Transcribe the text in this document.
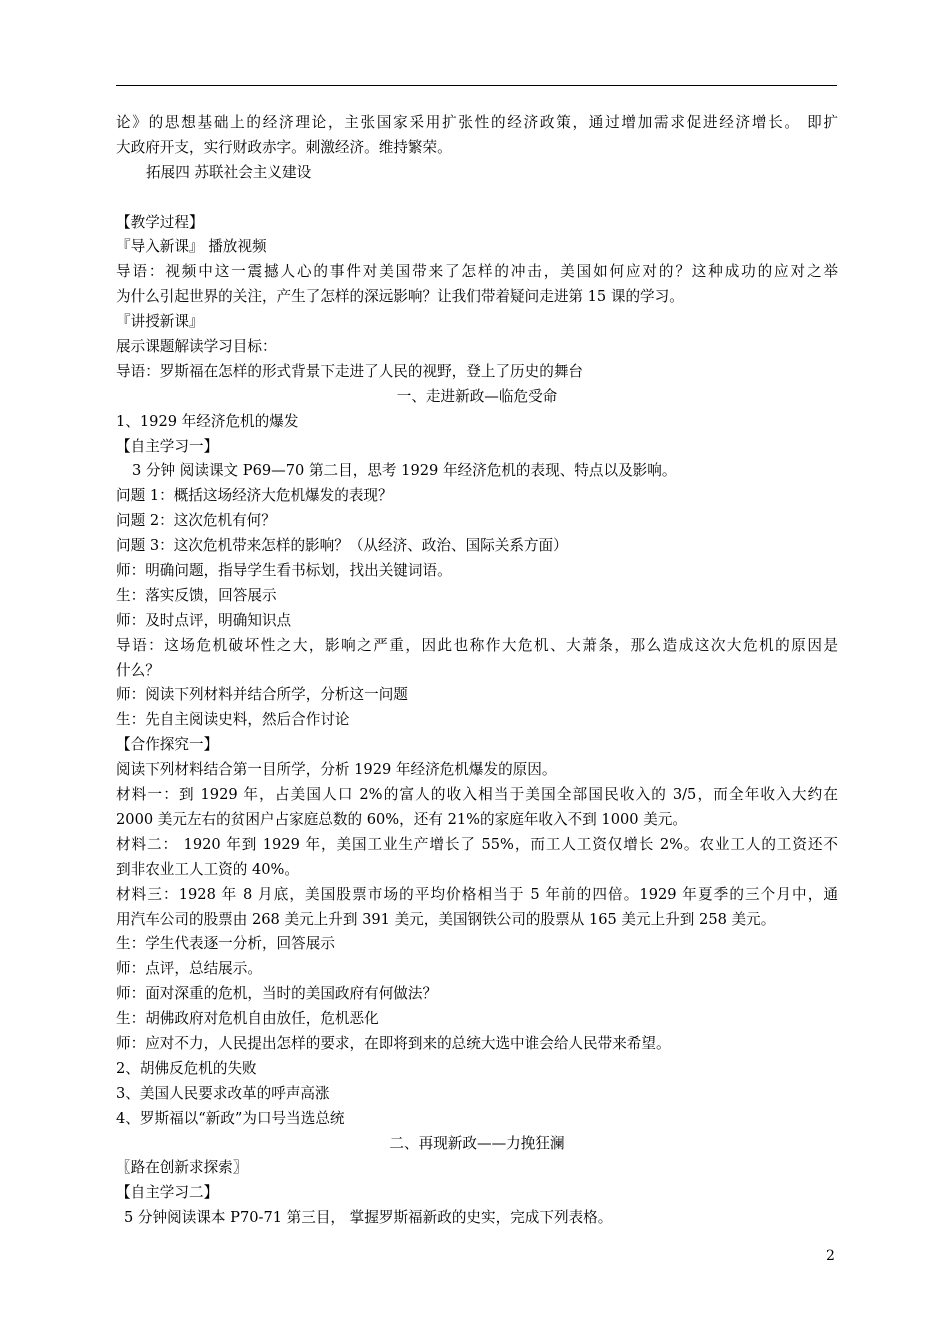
论》的思想基础上的经济理论，主张国家采用扩张性的经济政策，通过增加需求促进经济增长。 即扩
大政府开支，实行财政赤字。刺激经济。维持繁荣。
拓展四 苏联社会主义建设
【教学过程】
『导入新课』 播放视频
导语：视频中这一震撼人心的事件对美国带来了怎样的冲击，美国如何应对的？这种成功的应对之举
为什么引起世界的关注，产生了怎样的深远影响？让我们带着疑问走进第 15 课的学习。
『讲授新课』
展示课题解读学习目标：
导语：罗斯福在怎样的形式背景下走进了人民的视野，登上了历史的舞台
一、走进新政—临危受命
1、1929 年经济危机的爆发
【自主学习一】
3 分钟 阅读课文 P69—70 第二目，思考 1929 年经济危机的表现、特点以及影响。
问题 1：概括这场经济大危机爆发的表现？
问题 2：这次危机有何？
问题 3：这次危机带来怎样的影响？（从经济、政治、国际关系方面）
师：明确问题，指导学生看书标划，找出关键词语。
生：落实反馈，回答展示
师：及时点评，明确知识点
导语：这场危机破坏性之大，影响之严重，因此也称作大危机、大萧条，那么造成这次大危机的原因是
什么？
师：阅读下列材料并结合所学，分析这一问题
生：先自主阅读史料，然后合作讨论
【合作探究一】
阅读下列材料结合第一目所学，分析 1929 年经济危机爆发的原因。
材料一：到 1929 年，占美国人口 2%的富人的收入相当于美国全部国民收入的 3/5，而全年收入大约在
2000 美元左右的贫困户占家庭总数的 60%，还有 21%的家庭年收入不到 1000 美元。
材料二： 1920 年到 1929 年，美国工业生产增长了 55%，而工人工资仅增长 2%。农业工人的工资还不
到非农业工人工资的 40%。
材料三：1928 年 8 月底，美国股票市场的平均价格相当于 5 年前的四倍。1929 年夏季的三个月中，通
用汽车公司的股票由 268 美元上升到 391 美元，美国钢铁公司的股票从 165 美元上升到 258 美元。
生：学生代表逐一分析，回答展示
师：点评，总结展示。
师：面对深重的危机，当时的美国政府有何做法？
生：胡佛政府对危机自由放任，危机恶化
师：应对不力，人民提出怎样的要求，在即将到来的总统大选中谁会给人民带来希望。
2、胡佛反危机的失败
3、美国人民要求改革的呼声高涨
4、罗斯福以“新政”为口号当选总统
二、再现新政——力挽狂澜
〖路在创新求探索〗
【自主学习二】
5 分钟阅读课本 P70-71 第三目， 掌握罗斯福新政的史实，完成下列表格。
2
